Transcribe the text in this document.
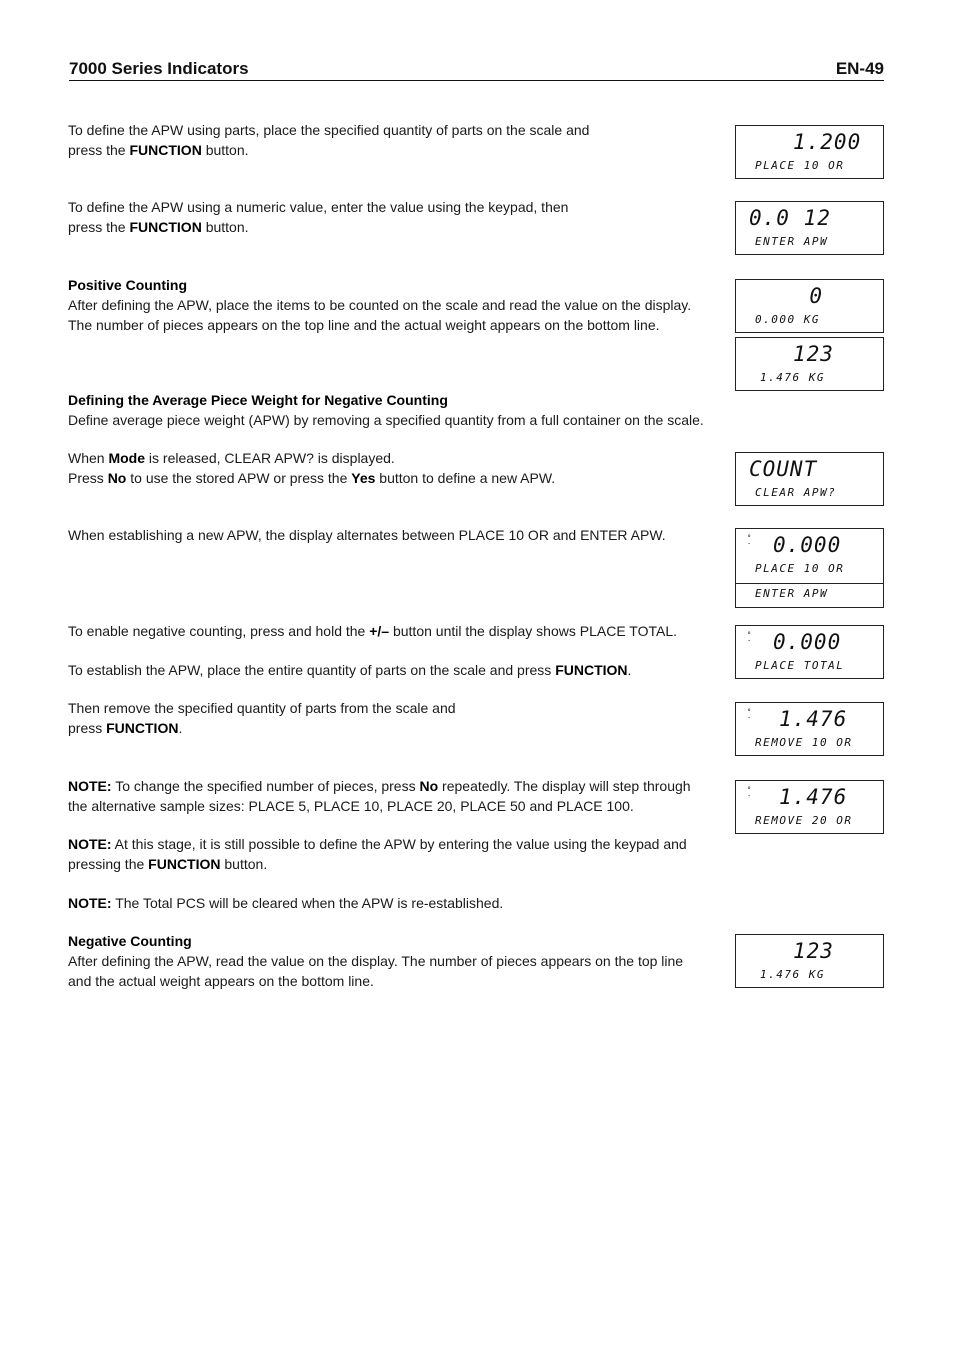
7000 Series Indicators	EN-49
To define the APW using parts, place the specified quantity of parts on the scale and
press the FUNCTION button.
To define the APW using a numeric value, enter the value using the keypad, then
press the FUNCTION button.
Positive Counting
After defining the APW, place the items to be counted on the scale and read the value on the display.
The number of pieces appears on the top line and the actual weight appears on the bottom line.
Defining the Average Piece Weight for Negative Counting
Define average piece weight (APW) by removing a specified quantity from a full container on the scale.
When Mode is released, CLEAR APW? is displayed.
Press No to use the stored APW or press the Yes button to define a new APW.
When establishing a new APW, the display alternates between PLACE 10 OR and ENTER APW.
To enable negative counting, press and hold the +/– button until the display shows PLACE TOTAL.
To establish the APW, place the entire quantity of parts on the scale and press FUNCTION.
Then remove the specified quantity of parts from the scale and
press FUNCTION.
NOTE: To change the specified number of pieces, press No repeatedly. The display will step through
the alternative sample sizes: PLACE 5, PLACE 10, PLACE 20, PLACE 50 and PLACE 100.
NOTE: At this stage, it is still possible to define the APW by entering the value using the keypad and
pressing the FUNCTION button.
NOTE: The Total PCS will be cleared when the APW is re-established.
Negative Counting
After defining the APW, read the value on the display. The number of pieces appears on the top line
and the actual weight appears on the bottom line.
1.200
PLACE 10 OR
0.0 12
ENTER APW
0
0.000 KG
123
1.476 KG
COUNT
CLEAR APW?
°
· 0.000
PLACE 10 OR
ENTER APW
°
· 0.000
PLACE TOTAL
°
· 1.476
REMOVE 10 OR
°
· 1.476
REMOVE 20 OR
123
1.476 KG
